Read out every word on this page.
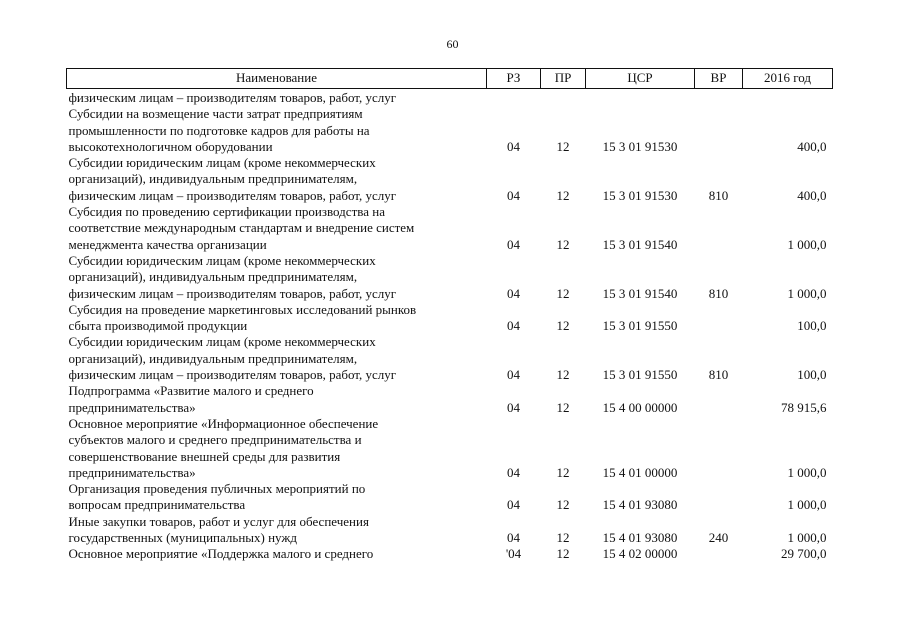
60
Наименование	РЗ	ПР	ЦСР	ВР	2016 год
физическим лицам – производителям товаров, работ, услуг					
Субсидии на возмещение части затрат предприятиям
промышленности по подготовке кадров для работы на
высокотехнологичном оборудовании	04	12	15 3 01 91530		400,0
Субсидии юридическим лицам (кроме некоммерческих
организаций), индивидуальным предпринимателям,
физическим лицам – производителям товаров, работ, услуг	04	12	15 3 01 91530	810	400,0
Субсидия по проведению сертификации производства на
соответствие международным стандартам и внедрение систем
менеджмента качества организации	04	12	15 3 01 91540		1 000,0
Субсидии юридическим лицам (кроме некоммерческих
организаций), индивидуальным предпринимателям,
физическим лицам – производителям товаров, работ, услуг	04	12	15 3 01 91540	810	1 000,0
Субсидия на проведение маркетинговых исследований рынков
сбыта производимой продукции	04	12	15 3 01 91550		100,0
Субсидии юридическим лицам (кроме некоммерческих
организаций), индивидуальным предпринимателям,
физическим лицам – производителям товаров, работ, услуг	04	12	15 3 01 91550	810	100,0
Подпрограмма «Развитие малого и среднего
предпринимательства»	04	12	15 4 00 00000		78 915,6
Основное мероприятие «Информационное обеспечение
субъектов малого и среднего предпринимательства и
совершенствование внешней среды для развития
предпринимательства»	04	12	15 4 01 00000		1 000,0
Организация проведения публичных мероприятий по
вопросам предпринимательства	04	12	15 4 01 93080		1 000,0
Иные закупки товаров, работ и услуг для обеспечения
государственных (муниципальных) нужд	04	12	15 4 01 93080	240	1 000,0
Основное мероприятие «Поддержка малого и среднего	'04	12	15 4 02 00000		29 700,0
